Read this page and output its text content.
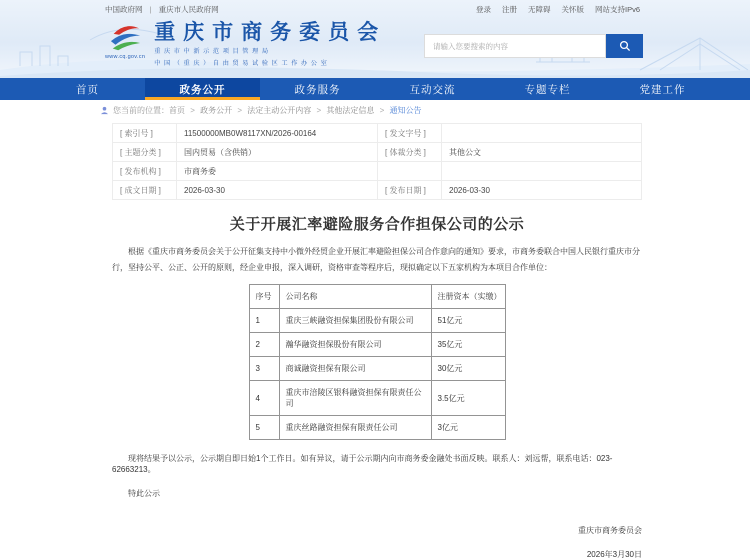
中国政府网 | 重庆市人民政府网	登录 注册 无障碍 关怀版 网站支持IPv6
www.cq.gov.cn
重庆市商务委员会
重庆市中新示范项目管理局
中国（重庆）自由贸易试验区工作办公室
请输入您要搜索的内容
首页	政务公开	政务服务	互动交流	专题专栏	党建工作
您当前的位置： 首页 > 政务公开 > 法定主动公开内容 > 其他法定信息 > 通知公告
[ 索引号 ]	11500000MB0W8117XN/2026-00164	[ 发文字号 ]	
[ 主题分类 ]	国内贸易（含供销）	[ 体裁分类 ]	其他公文
[ 发布机构 ]	市商务委		
[ 成文日期 ]	2026-03-30	[ 发布日期 ]	2026-03-30
关于开展汇率避险服务合作担保公司的公示
根据《重庆市商务委员会关于公开征集支持中小微外经贸企业开展汇率避险担保公司合作意向的通知》要求，市商务委联合中国人民银行重庆市分行，坚持公平、公正、公开的原则，经企业申报，深入调研，资格审查等程序后，现拟确定以下五家机构为本项目合作单位：
序号	公司名称	注册资本（实缴）
1	重庆三峡融资担保集团股份有限公司	51亿元
2	瀚华融资担保股份有限公司	35亿元
3	商诚融资担保有限公司	30亿元
4	重庆市涪陵区银科融资担保有限责任公司	3.5亿元
5	重庆丝路融资担保有限责任公司	3亿元
现将结果予以公示，公示期自即日始1个工作日。如有异议，请于公示期内向市商务委金融处书面反映。联系人：刘远帮，联系电话：023-62663213。
特此公示
重庆市商务委员会
2026年3月30日
